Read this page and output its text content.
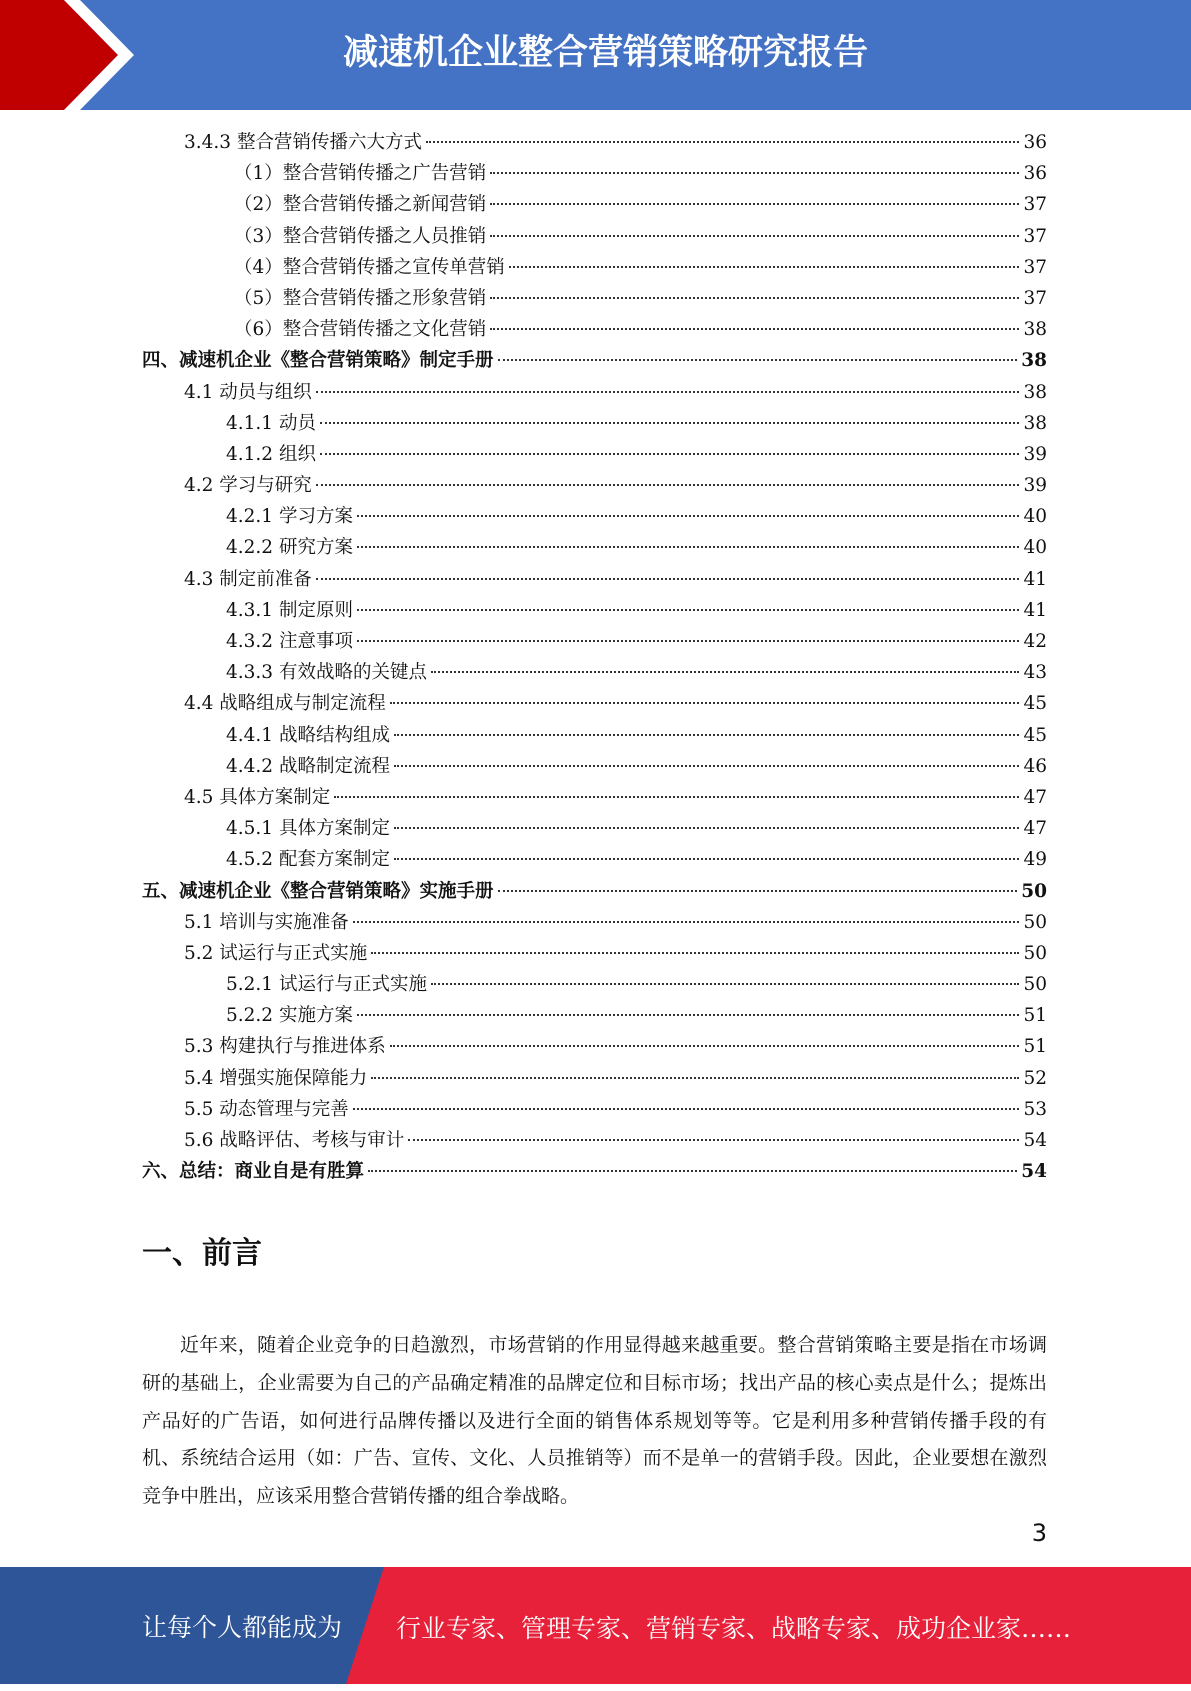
减速机企业整合营销策略研究报告
3.4.3 整合营销传播六大方式	36
（1）整合营销传播之广告营销	36
（2）整合营销传播之新闻营销	37
（3）整合营销传播之人员推销	37
（4）整合营销传播之宣传单营销	37
（5）整合营销传播之形象营销	37
（6）整合营销传播之文化营销	38
四、减速机企业《整合营销策略》制定手册	38
4.1 动员与组织	38
4.1.1 动员	38
4.1.2 组织	39
4.2 学习与研究	39
4.2.1 学习方案	40
4.2.2 研究方案	40
4.3 制定前准备	41
4.3.1 制定原则	41
4.3.2 注意事项	42
4.3.3 有效战略的关键点	43
4.4 战略组成与制定流程	45
4.4.1 战略结构组成	45
4.4.2 战略制定流程	46
4.5 具体方案制定	47
4.5.1 具体方案制定	47
4.5.2 配套方案制定	49
五、减速机企业《整合营销策略》实施手册	50
5.1 培训与实施准备	50
5.2 试运行与正式实施	50
5.2.1 试运行与正式实施	50
5.2.2 实施方案	51
5.3 构建执行与推进体系	51
5.4 增强实施保障能力	52
5.5 动态管理与完善	53
5.6 战略评估、考核与审计	54
六、总结：商业自是有胜算	54
一、前言

近年来，随着企业竞争的日趋激烈，市场营销的作用显得越来越重要。整合营销策略主要是指在市场调研的基础上，企业需要为自己的产品确定精准的品牌定位和目标市场；找出产品的核心卖点是什么；提炼出产品好的广告语，如何进行品牌传播以及进行全面的销售体系规划等等。它是利用多种营销传播手段的有机、系统结合运用（如：广告、宣传、文化、人员推销等）而不是单一的营销手段。因此，企业要想在激烈竞争中胜出，应该采用整合营销传播的组合拳战略。

3
让每个人都能成为 行业专家、管理专家、营销专家、战略专家、成功企业家……
